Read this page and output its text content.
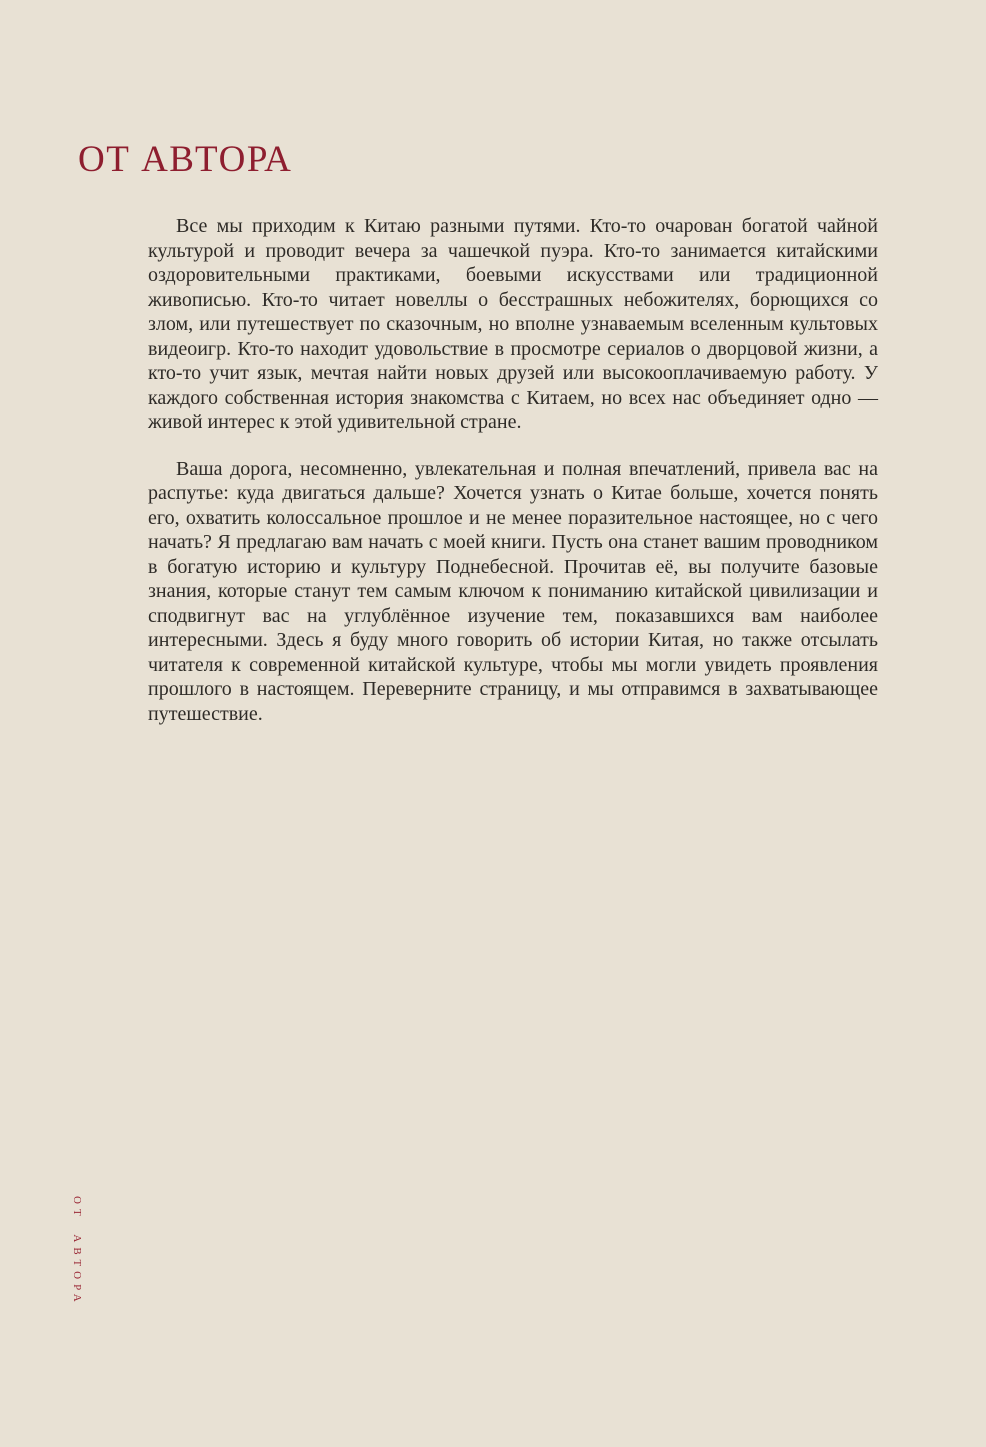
ОТ АВТОРА

Все мы приходим к Китаю разными путями. Кто-то очарован богатой чайной культурой и проводит вечера за чашечкой пуэра. Кто-то занимается китайскими оздоровительными практиками, боевыми искусствами или традиционной живописью. Кто-то читает новеллы о бесстрашных небожителях, борющихся со злом, или путешествует по сказочным, но вполне узнаваемым вселенным культовых видеоигр. Кто-то находит удовольствие в просмотре сериалов о дворцовой жизни, а кто-то учит язык, мечтая найти новых друзей или высокооплачиваемую работу. У каждого собственная история знакомства с Китаем, но всех нас объединяет одно — живой интерес к этой удивительной стране.

Ваша дорога, несомненно, увлекательная и полная впечатлений, привела вас на распутье: куда двигаться дальше? Хочется узнать о Китае больше, хочется понять его, охватить колоссальное прошлое и не менее поразительное настоящее, но с чего начать? Я предлагаю вам начать с моей книги. Пусть она станет вашим проводником в богатую историю и культуру Поднебесной. Прочитав её, вы получите базовые знания, которые станут тем самым ключом к пониманию китайской цивилизации и сподвигнут вас на углублённое изучение тем, показавшихся вам наиболее интересными. Здесь я буду много говорить об истории Китая, но также отсылать читателя к современной китайской культуре, чтобы мы могли увидеть проявления прошлого в настоящем. Переверните страницу, и мы отправимся в захватывающее путешествие.

ОТ АВТОРА
